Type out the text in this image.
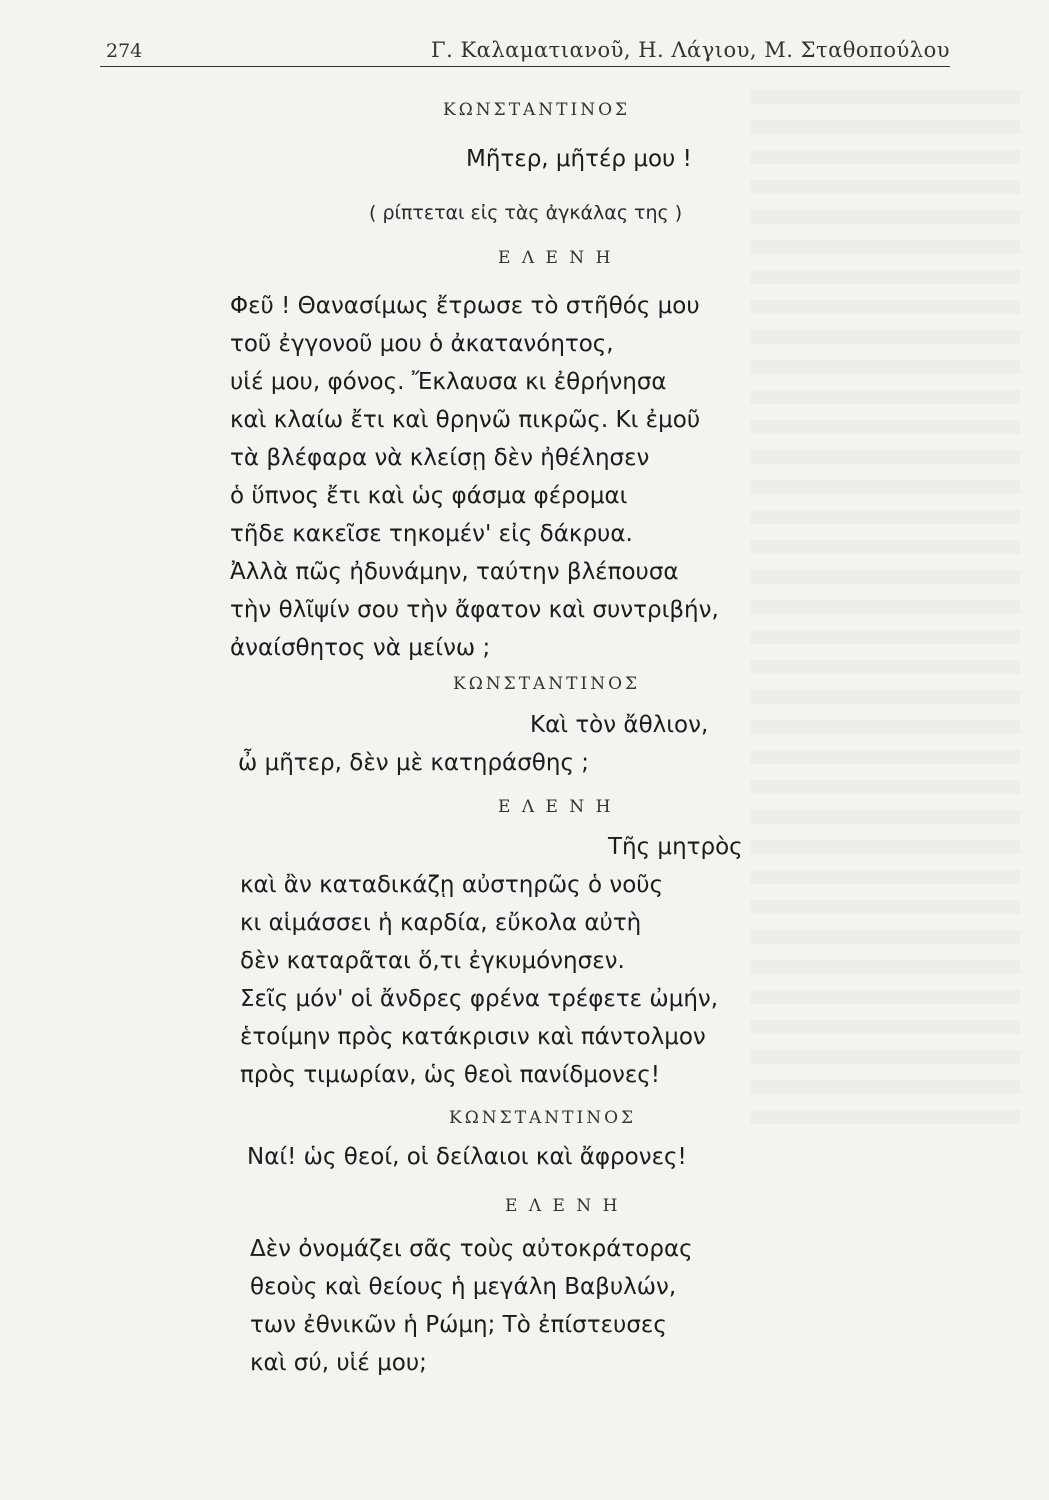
274	Γ. Καλαματιανοῦ, Η. Λάγιου, Μ. Σταθοπούλου
ΚΩΝΣΤΑΝΤΙΝΟΣ
Μῆτερ, μῆτέρ μου !
( ρίπτεται εἰς τὰς ἀγκάλας της )
Ε Λ Ε Ν Η
Φεῦ ! Θανασίμως ἔτρωσε τὸ στῆθός μου
τοῦ ἐγγονοῦ μου ὁ ἀκατανόητος,
υἱέ μου, φόνος. Ἔκλαυσα κι ἐθρήνησα
καὶ κλαίω ἔτι καὶ θρηνῶ πικρῶς. Κι ἐμοῦ
τὰ βλέφαρα νὰ κλείσῃ δὲν ἠθέλησεν
ὁ ὕπνος ἔτι καὶ ὡς φάσμα φέρομαι
τῆδε κακεῖσε τηκομέν' εἰς δάκρυα.
Ἀλλὰ πῶς ἠδυνάμην, ταύτην βλέπουσα
τὴν θλῖψίν σου τὴν ἄφατον καὶ συντριβήν,
ἀναίσθητος νὰ μείνω ;
ΚΩΝΣΤΑΝΤΙΝΟΣ
Καὶ τὸν ἄθλιον,
ὦ μῆτερ, δὲν μὲ κατηράσθης ;
Ε Λ Ε Ν Η
Τῆς μητρὸς
καὶ ἂν καταδικάζῃ αὐστηρῶς ὁ νοῦς
κι αἱμάσσει ἡ καρδία, εὔκολα αὐτὴ
δὲν καταρᾶται ὅ,τι ἐγκυμόνησεν.
Σεῖς μόν' οἱ ἄνδρες φρένα τρέφετε ὠμήν,
ἑτοίμην πρὸς κατάκρισιν καὶ πάντολμον
πρὸς τιμωρίαν, ὡς θεοὶ πανίδμονες!
ΚΩΝΣΤΑΝΤΙΝΟΣ
Ναί! ὡς θεοί, οἱ δείλαιοι καὶ ἄφρονες!
Ε Λ Ε Ν Η
Δὲν ὀνομάζει σᾶς τοὺς αὐτοκράτορας
θεοὺς καὶ θείους ἡ μεγάλη Βαβυλών,
των ἐθνικῶν ἡ Ρώμη; Τὸ ἐπίστευσες
καὶ σύ, υἱέ μου;
